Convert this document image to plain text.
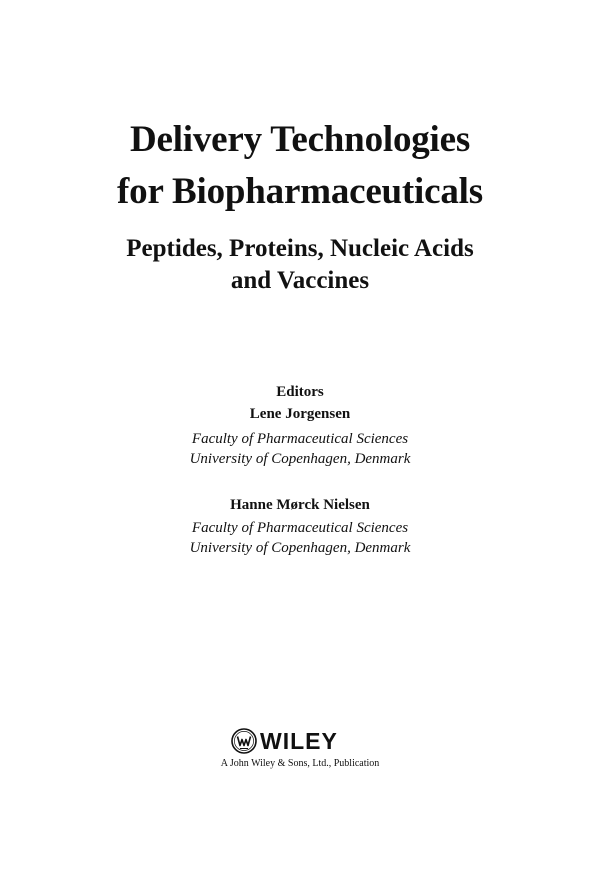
Delivery Technologies
for Biopharmaceuticals
Peptides, Proteins, Nucleic Acids
and Vaccines
Editors
Lene Jorgensen
Faculty of Pharmaceutical Sciences
University of Copenhagen, Denmark
Hanne Mørck Nielsen
Faculty of Pharmaceutical Sciences
University of Copenhagen, Denmark
WILEY
A John Wiley & Sons, Ltd., Publication
